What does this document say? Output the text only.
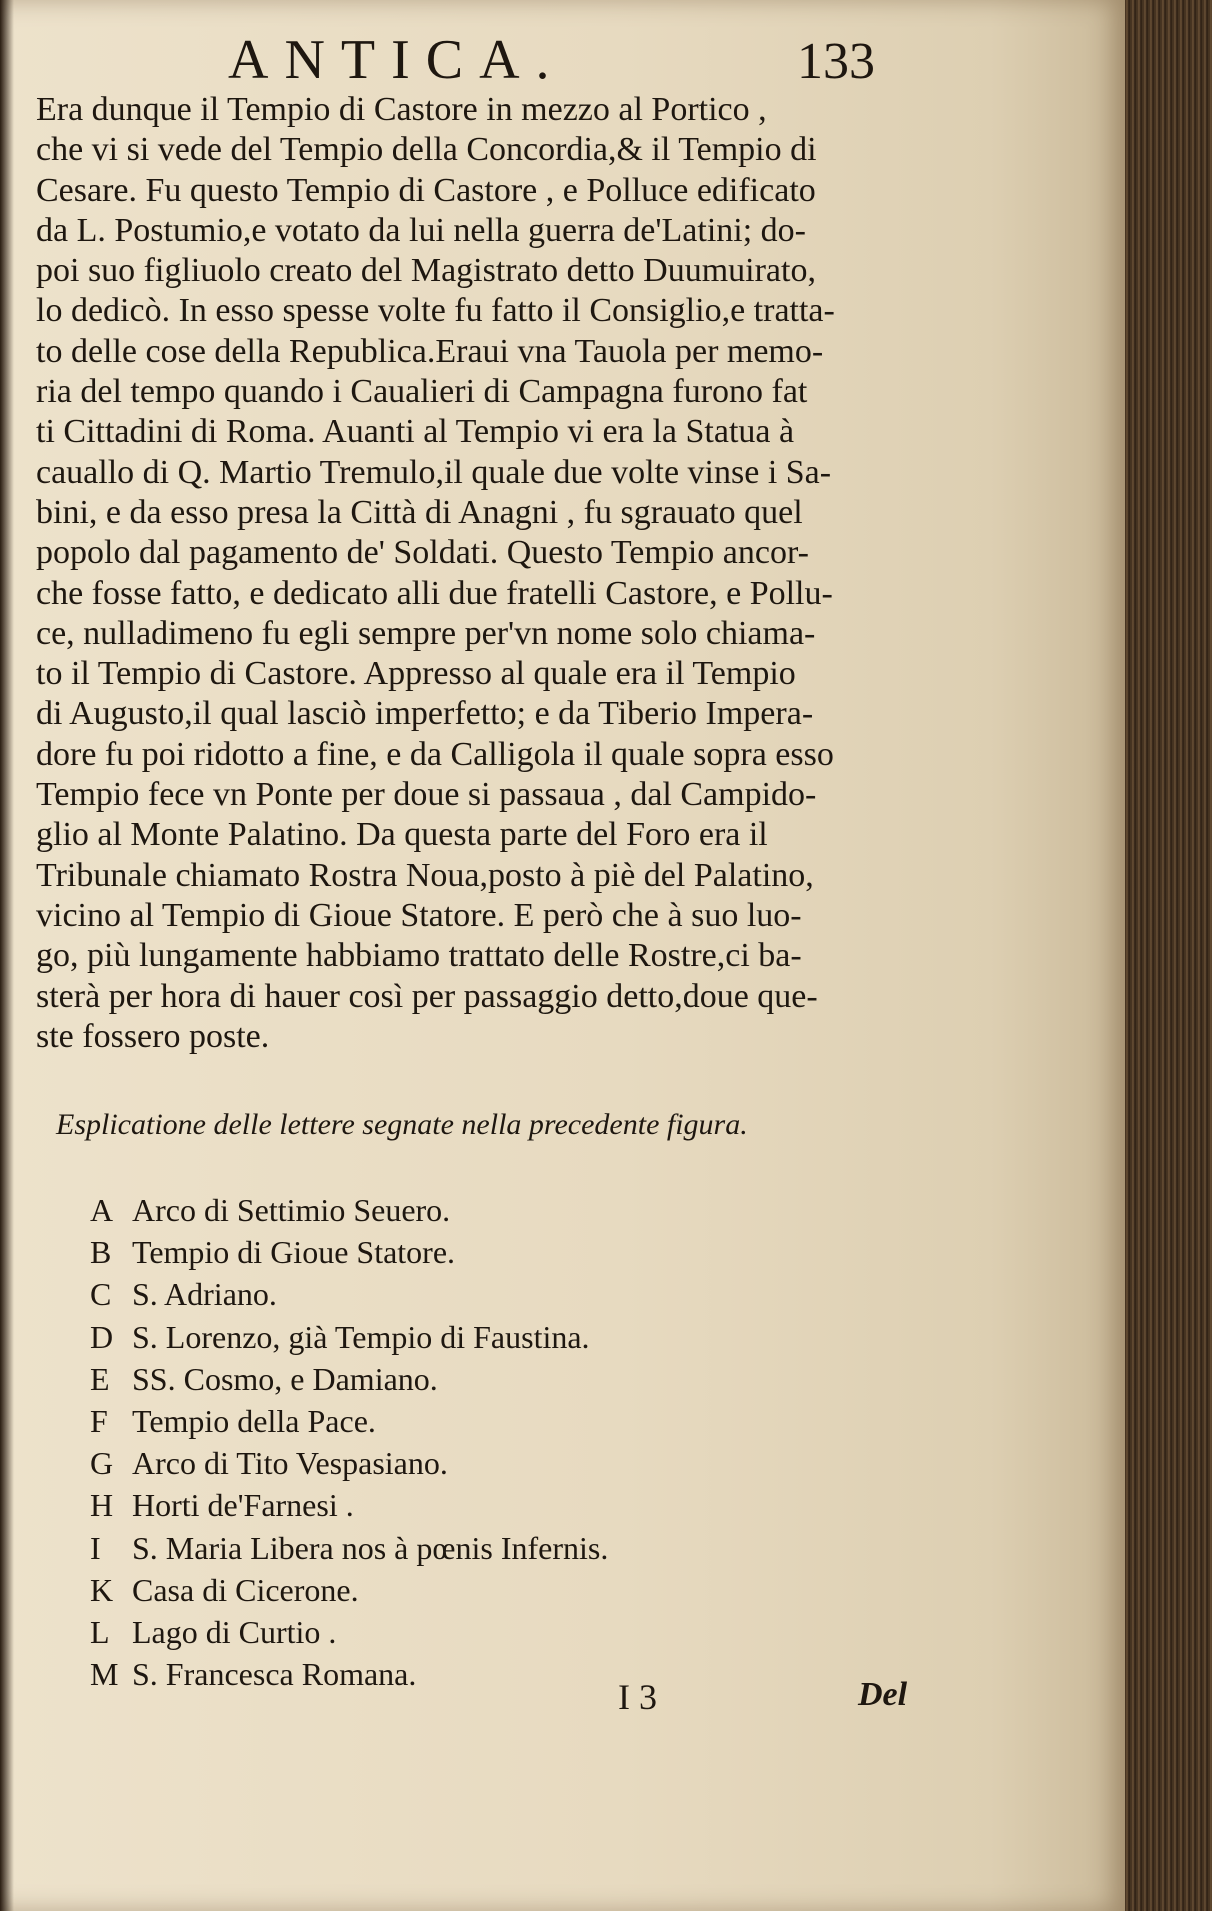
ANTICA.	133
Era dunque il Tempio di Castore in mezzo al Portico ,
che vi si vede del Tempio della Concordia,& il Tempio di
Cesare. Fu questo Tempio di Castore , e Polluce edificato
da L. Postumio,e votato da lui nella guerra de'Latini; do-
poi suo figliuolo creato del Magistrato detto Duumuirato,
lo dedicò. In esso spesse volte fu fatto il Consiglio,e tratta-
to delle cose della Republica.Eraui vna Tauola per memo-
ria del tempo quando i Caualieri di Campagna furono fat
ti Cittadini di Roma. Auanti al Tempio vi era la Statua à
cauallo di Q. Martio Tremulo,il quale due volte vinse i Sa-
bini, e da esso presa la Città di Anagni , fu sgrauato quel
popolo dal pagamento de' Soldati. Questo Tempio ancor-
che fosse fatto, e dedicato alli due fratelli Castore, e Pollu-
ce, nulladimeno fu egli sempre per'vn nome solo chiama-
to il Tempio di Castore. Appresso al quale era il Tempio
di Augusto,il qual lasciò imperfetto; e da Tiberio Impera-
dore fu poi ridotto a fine, e da Calligola il quale sopra esso
Tempio fece vn Ponte per doue si passaua , dal Campido-
glio al Monte Palatino. Da questa parte del Foro era il
Tribunale chiamato Rostra Noua,posto à piè del Palatino,
vicino al Tempio di Gioue Statore. E però che à suo luo-
go, più lungamente habbiamo trattato delle Rostre,ci ba-
sterà per hora di hauer così per passaggio detto,doue que-
ste fossero poste.
Esplicatione delle lettere segnate nella precedente figura.
A Arco di Settimio Seuero.
B Tempio di Gioue Statore.
C S. Adriano.
D S. Lorenzo, già Tempio di Faustina.
E SS. Cosmo, e Damiano.
F Tempio della Pace.
G Arco di Tito Vespasiano.
H Horti de'Farnesi .
I S. Maria Libera nos à pœnis Infernis.
K Casa di Cicerone.
L Lago di Curtio .
M S. Francesca Romana.
I 3	Del
